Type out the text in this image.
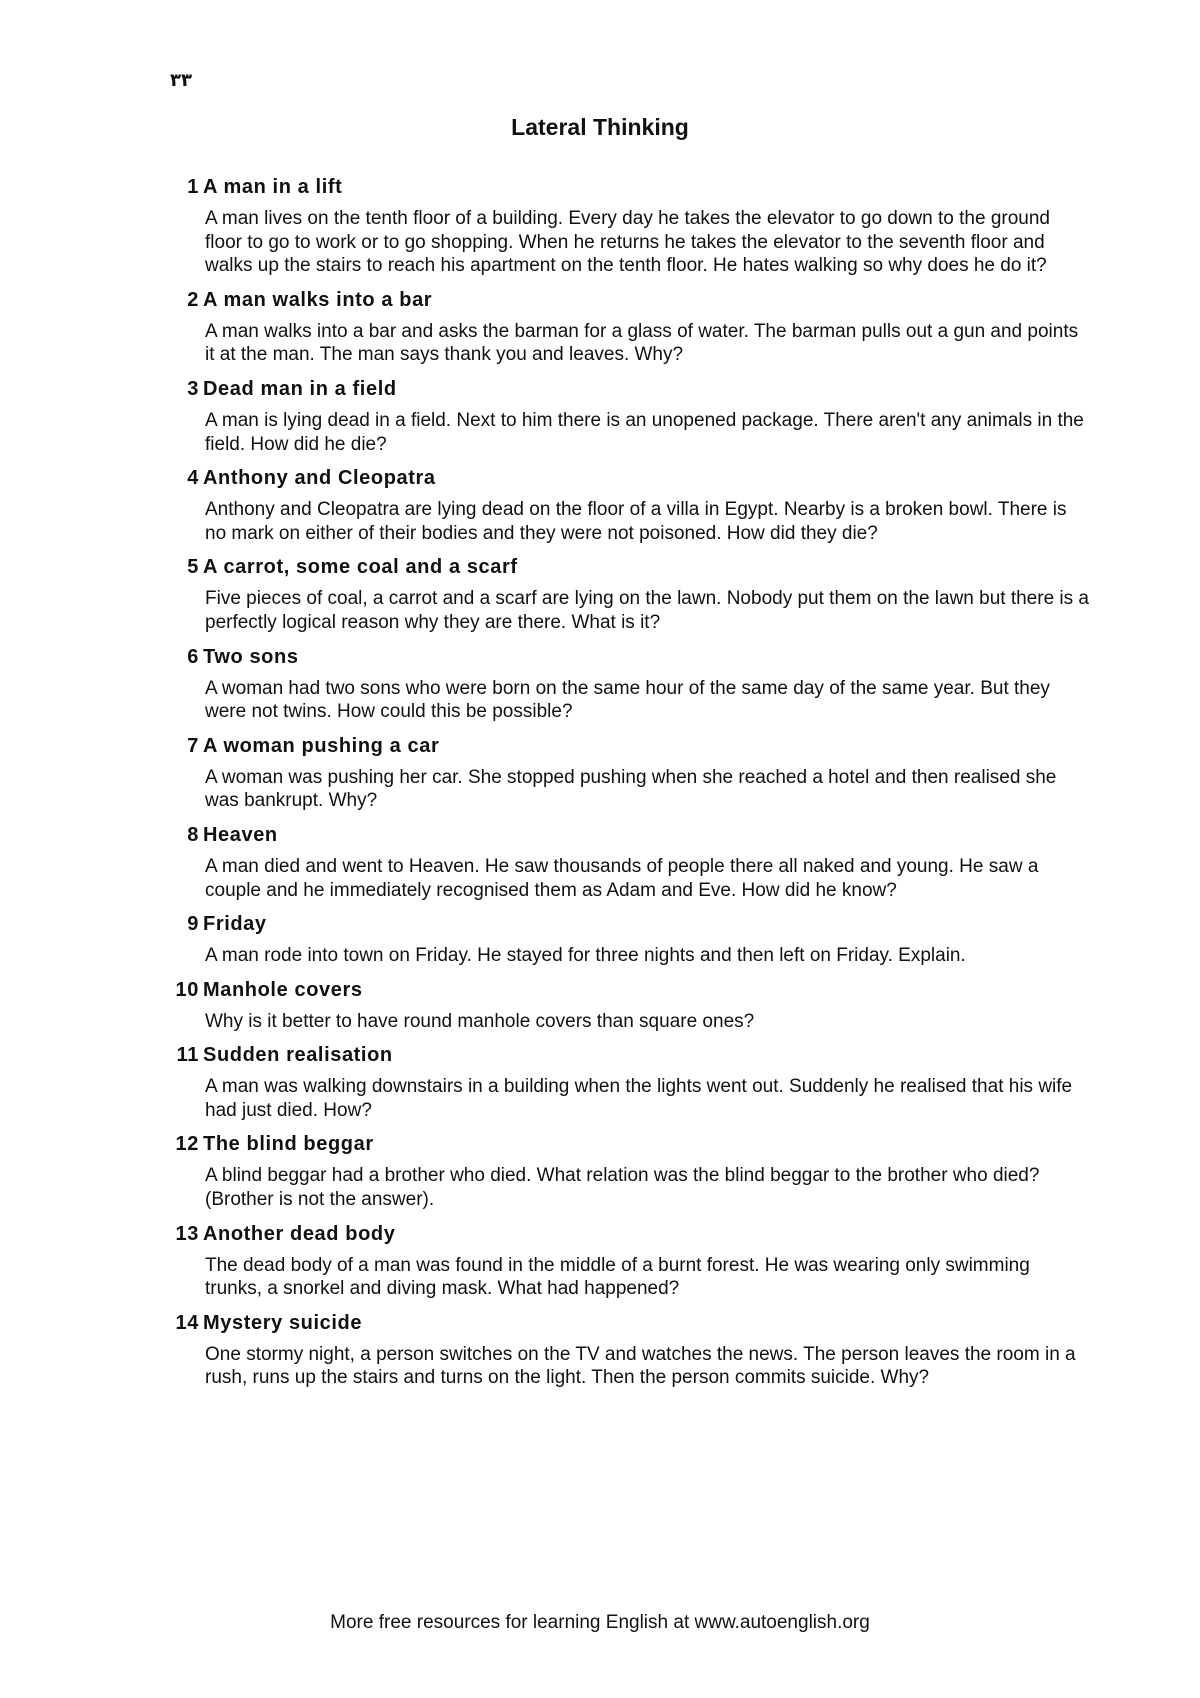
٣٣
Lateral Thinking
1 A man in a lift
A man lives on the tenth floor of a building. Every day he takes the elevator to go down to the ground floor to go to work or to go shopping. When he returns he takes the elevator to the seventh floor and walks up the stairs to reach his apartment on the tenth floor. He hates walking so why does he do it?
2 A man walks into a bar
A man walks into a bar and asks the barman for a glass of water. The barman pulls out a gun and points it at the man. The man says thank you and leaves. Why?
3 Dead man in a field
A man is lying dead in a field. Next to him there is an unopened package. There aren't any animals in the field. How did he die?
4 Anthony and Cleopatra
Anthony and Cleopatra are lying dead on the floor of a villa in Egypt. Nearby is a broken bowl. There is no mark on either of their bodies and they were not poisoned. How did they die?
5 A carrot, some coal and a scarf
Five pieces of coal, a carrot and a scarf are lying on the lawn. Nobody put them on the lawn but there is a perfectly logical reason why they are there. What is it?
6 Two sons
A woman had two sons who were born on the same hour of the same day of the same year. But they were not twins. How could this be possible?
7 A woman pushing a car
A woman was pushing her car. She stopped pushing when she reached a hotel and then realised she was bankrupt. Why?
8 Heaven
A man died and went to Heaven. He saw thousands of people there all naked and young. He saw a couple and he immediately recognised them as Adam and Eve. How did he know?
9 Friday
A man rode into town on Friday. He stayed for three nights and then left on Friday. Explain.
10 Manhole covers
Why is it better to have round manhole covers than square ones?
11 Sudden realisation
A man was walking downstairs in a building when the lights went out. Suddenly he realised that his wife had just died. How?
12 The blind beggar
A blind beggar had a brother who died. What relation was the blind beggar to the brother who died? (Brother is not the answer).
13 Another dead body
The dead body of a man was found in the middle of a burnt forest. He was wearing only swimming trunks, a snorkel and diving mask. What had happened?
14 Mystery suicide
One stormy night, a person switches on the TV and watches the news. The person leaves the room in a rush, runs up the stairs and turns on the light. Then the person commits suicide. Why?
More free resources for learning English at www.autoenglish.org
